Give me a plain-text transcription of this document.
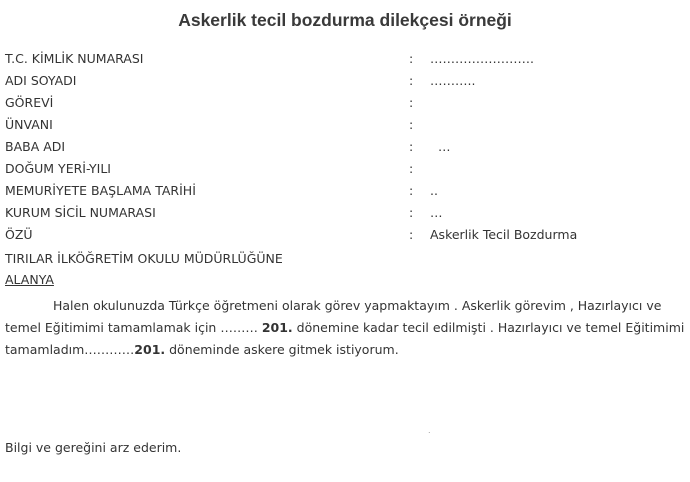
Askerlik tecil bozdurma dilekçesi örneği
T.C. KİMLİK NUMARASI	: …………………….
ADI SOYADI	: ………..
GÖREVİ	:
ÜNVANI	:
BABA ADI	: …
DOĞUM YERİ-YILI	:
MEMURİYETE BAŞLAMA TARİHİ	: ..
KURUM SİCİL NUMARASI	: …
ÖZÜ	: Askerlik Tecil Bozdurma
TIRILAR İLKÖĞRETİM OKULU MÜDÜRLÜĞÜNE
ALANYA
Halen okulunuzda Türkçe öğretmeni olarak görev yapmaktayım . Askerlik görevim , Hazırlayıcı ve temel Eğitimimi tamamlamak için ……… 201. dönemine kadar tecil edilmişti . Hazırlayıcı ve temel Eğitimimi tamamladım…………201. döneminde askere gitmek istiyorum.
.
Bilgi ve gereğini arz ederim.
